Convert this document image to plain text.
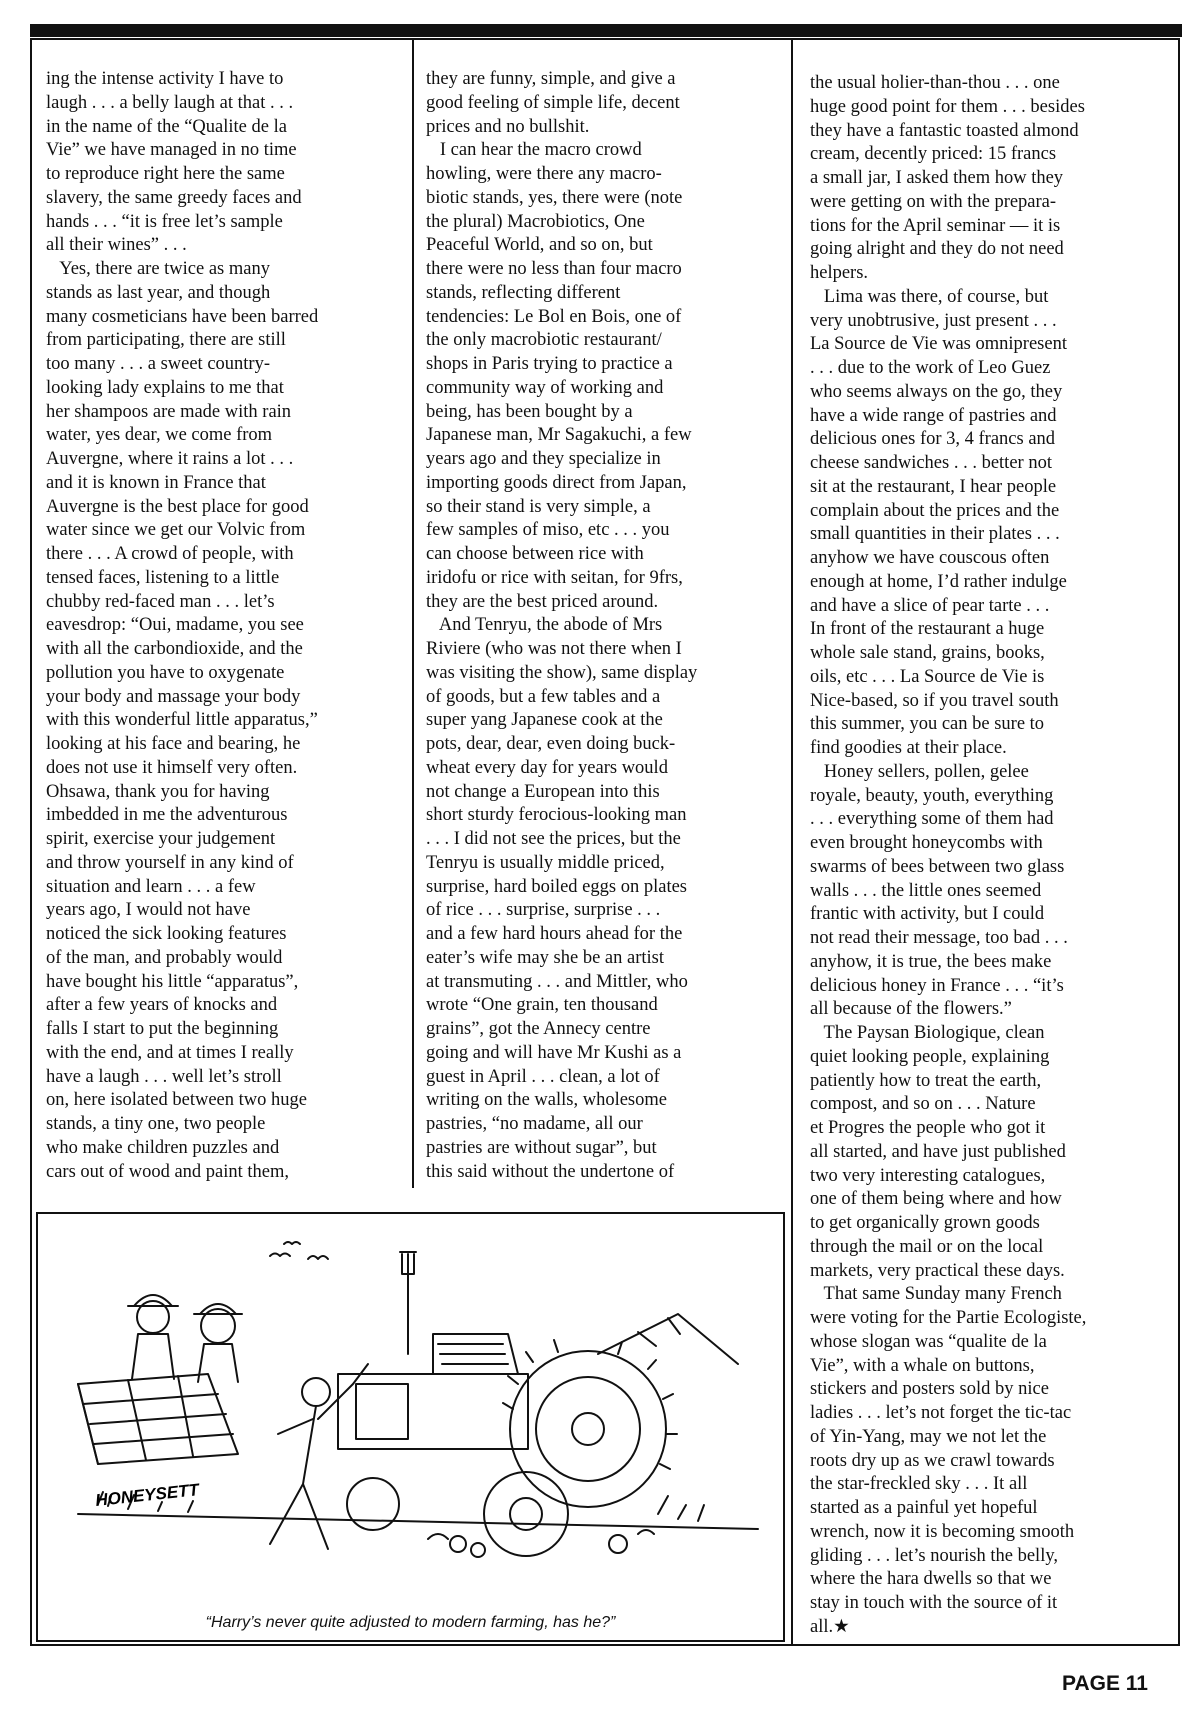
ing the intense activity I have to
laugh . . . a belly laugh at that . . .
in the name of the “Qualite de la
Vie” we have managed in no time
to reproduce right here the same
slavery, the same greedy faces and
hands . . . “it is free let’s sample
all their wines” . . .
Yes, there are twice as many
stands as last year, and though
many cosmeticians have been barred
from participating, there are still
too many . . . a sweet country-
looking lady explains to me that
her shampoos are made with rain
water, yes dear, we come from
Auvergne, where it rains a lot . . .
and it is known in France that
Auvergne is the best place for good
water since we get our Volvic from
there . . . A crowd of people, with
tensed faces, listening to a little
chubby red-faced man . . . let’s
eavesdrop: “Oui, madame, you see
with all the carbondioxide, and the
pollution you have to oxygenate
your body and massage your body
with this wonderful little apparatus,”
looking at his face and bearing, he
does not use it himself very often.
Ohsawa, thank you for having
imbedded in me the adventurous
spirit, exercise your judgement
and throw yourself in any kind of
situation and learn . . . a few
years ago, I would not have
noticed the sick looking features
of the man, and probably would
have bought his little “apparatus”,
after a few years of knocks and
falls I start to put the beginning
with the end, and at times I really
have a laugh . . . well let’s stroll
on, here isolated between two huge
stands, a tiny one, two people
who make children puzzles and
cars out of wood and paint them,
they are funny, simple, and give a
good feeling of simple life, decent
prices and no bullshit.
I can hear the macro crowd
howling, were there any macro-
biotic stands, yes, there were (note
the plural) Macrobiotics, One
Peaceful World, and so on, but
there were no less than four macro
stands, reflecting different
tendencies: Le Bol en Bois, one of
the only macrobiotic restaurant/
shops in Paris trying to practice a
community way of working and
being, has been bought by a
Japanese man, Mr Sagakuchi, a few
years ago and they specialize in
importing goods direct from Japan,
so their stand is very simple, a
few samples of miso, etc . . . you
can choose between rice with
iridofu or rice with seitan, for 9frs,
they are the best priced around.
And Tenryu, the abode of Mrs
Riviere (who was not there when I
was visiting the show), same display
of goods, but a few tables and a
super yang Japanese cook at the
pots, dear, dear, even doing buck-
wheat every day for years would
not change a European into this
short sturdy ferocious-looking man
. . . I did not see the prices, but the
Tenryu is usually middle priced,
surprise, hard boiled eggs on plates
of rice . . . surprise, surprise . . .
and a few hard hours ahead for the
eater’s wife may she be an artist
at transmuting . . . and Mittler, who
wrote “One grain, ten thousand
grains”, got the Annecy centre
going and will have Mr Kushi as a
guest in April . . . clean, a lot of
writing on the walls, wholesome
pastries, “no madame, all our
pastries are without sugar”, but
this said without the undertone of
the usual holier-than-thou . . . one
huge good point for them . . . besides
they have a fantastic toasted almond
cream, decently priced: 15 francs
a small jar, I asked them how they
were getting on with the prepara-
tions for the April seminar — it is
going alright and they do not need
helpers.
Lima was there, of course, but
very unobtrusive, just present . . .
La Source de Vie was omnipresent
. . . due to the work of Leo Guez
who seems always on the go, they
have a wide range of pastries and
delicious ones for 3, 4 francs and
cheese sandwiches . . . better not
sit at the restaurant, I hear people
complain about the prices and the
small quantities in their plates . . .
anyhow we have couscous often
enough at home, I’d rather indulge
and have a slice of pear tarte . . .
In front of the restaurant a huge
whole sale stand, grains, books,
oils, etc . . . La Source de Vie is
Nice-based, so if you travel south
this summer, you can be sure to
find goodies at their place.
Honey sellers, pollen, gelee
royale, beauty, youth, everything
. . . everything some of them had
even brought honeycombs with
swarms of bees between two glass
walls . . . the little ones seemed
frantic with activity, but I could
not read their message, too bad . . .
anyhow, it is true, the bees make
delicious honey in France . . . “it’s
all because of the flowers.”
The Paysan Biologique, clean
quiet looking people, explaining
patiently how to treat the earth,
compost, and so on . . . Nature
et Progres the people who got it
all started, and have just published
two very interesting catalogues,
one of them being where and how
to get organically grown goods
through the mail or on the local
markets, very practical these days.
That same Sunday many French
were voting for the Partie Ecologiste,
whose slogan was “qualite de la
Vie”, with a whale on buttons,
stickers and posters sold by nice
ladies . . . let’s not forget the tic-tac
of Yin-Yang, may we not let the
roots dry up as we crawl towards
the star-freckled sky . . . It all
started as a painful yet hopeful
wrench, now it is becoming smooth
gliding . . . let’s nourish the belly,
where the hara dwells so that we
stay in touch with the source of it
all.★
HONEYSETT
“Harry’s never quite adjusted to modern farming, has he?”
PAGE 11
